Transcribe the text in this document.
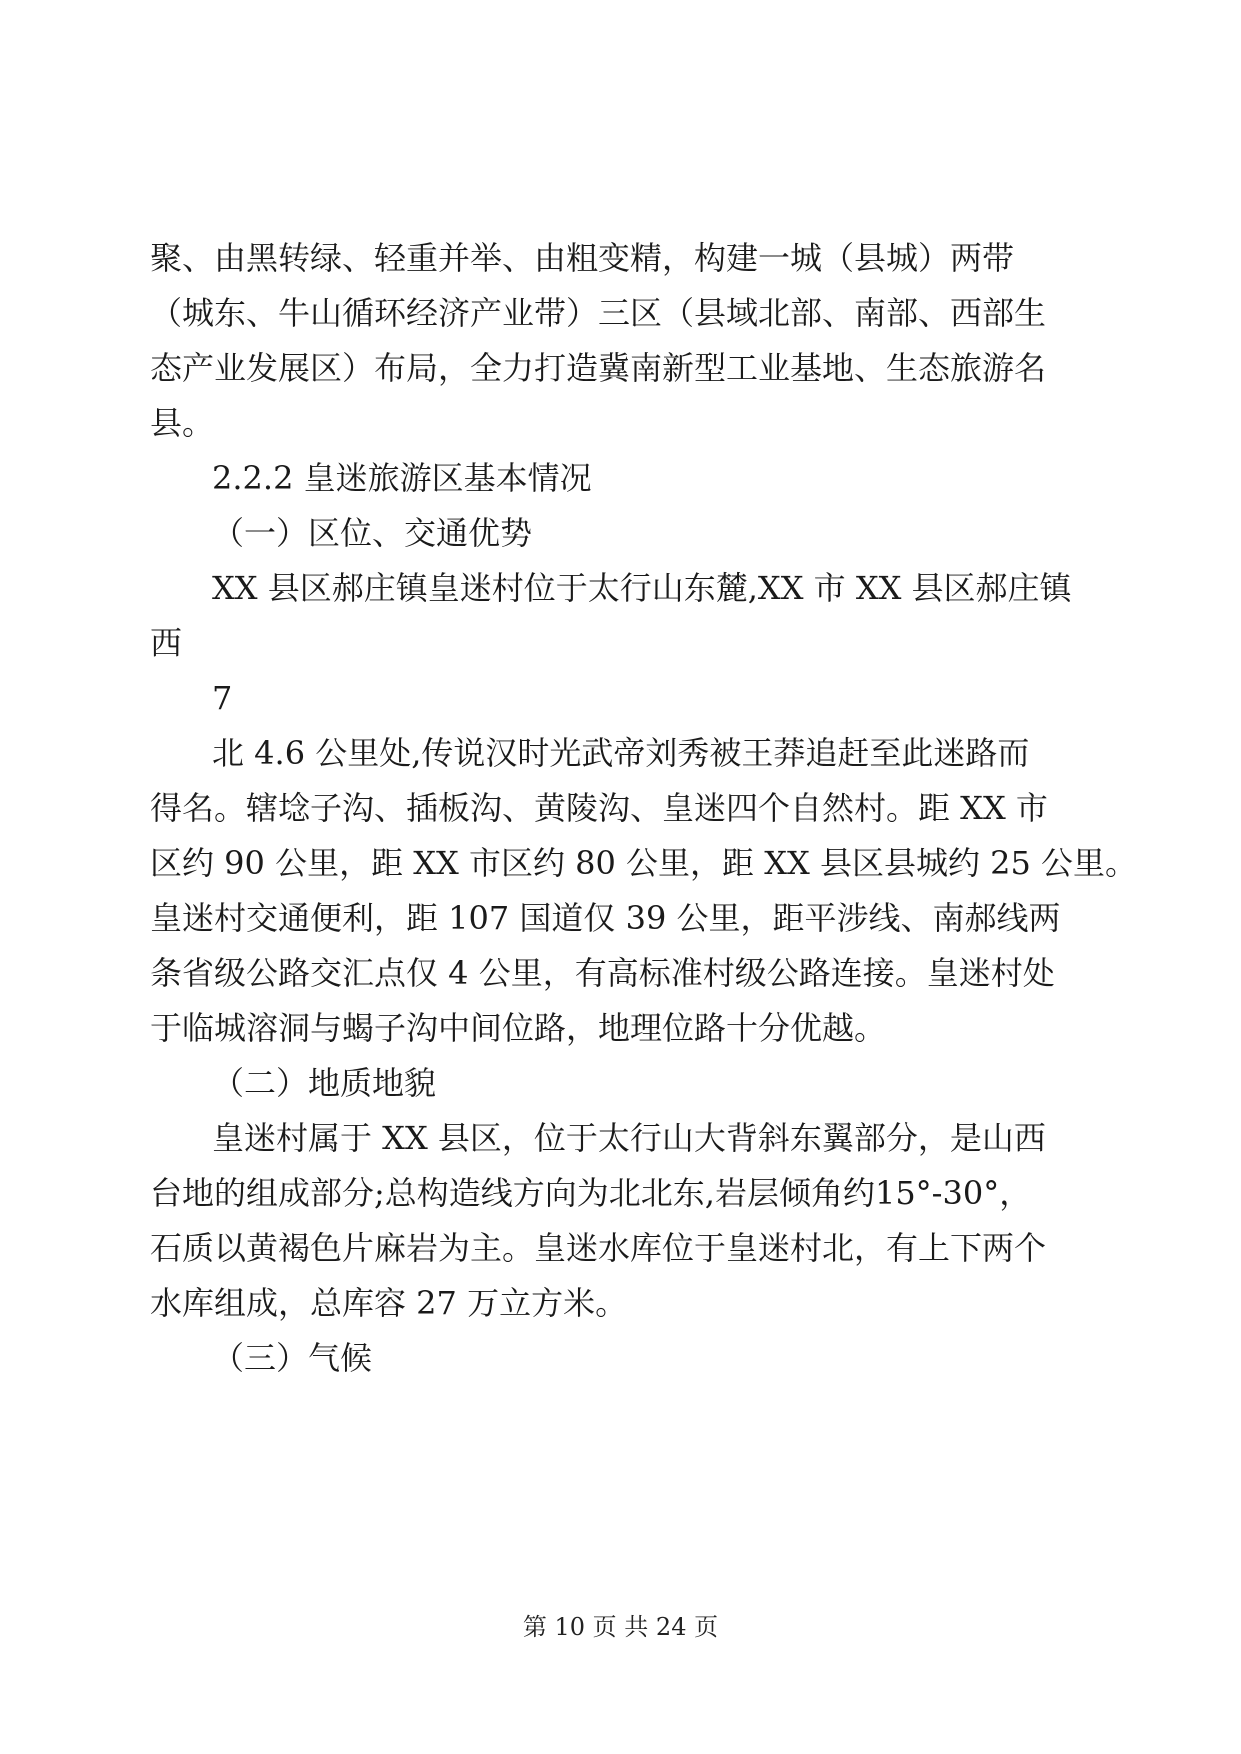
聚、由黑转绿、轻重并举、由粗变精，构建一城（县城）两带
（城东、牛山循环经济产业带）三区（县域北部、南部、西部生
态产业发展区）布局，全力打造冀南新型工业基地、生态旅游名
县。
2.2.2 皇迷旅游区基本情况
（一）区位、交通优势
XX 县区郝庄镇皇迷村位于太行山东麓,XX 市 XX 县区郝庄镇
西
7
北 4.6 公里处,传说汉时光武帝刘秀被王莽追赶至此迷路而
得名。辖埝子沟、插板沟、黄陵沟、皇迷四个自然村。距 XX 市
区约 90 公里，距 XX 市区约 80 公里，距 XX 县区县城约 25 公里。
皇迷村交通便利，距 107 国道仅 39 公里，距平涉线、南郝线两
条省级公路交汇点仅 4 公里，有高标准村级公路连接。皇迷村处
于临城溶洞与蝎子沟中间位路，地理位路十分优越。
（二）地质地貌
皇迷村属于 XX 县区，位于太行山大背斜东翼部分，是山西
台地的组成部分;总构造线方向为北北东,岩层倾角约15°-30°，
石质以黄褐色片麻岩为主。皇迷水库位于皇迷村北，有上下两个
水库组成，总库容 27 万立方米。
（三）气候
第 10 页 共 24 页
